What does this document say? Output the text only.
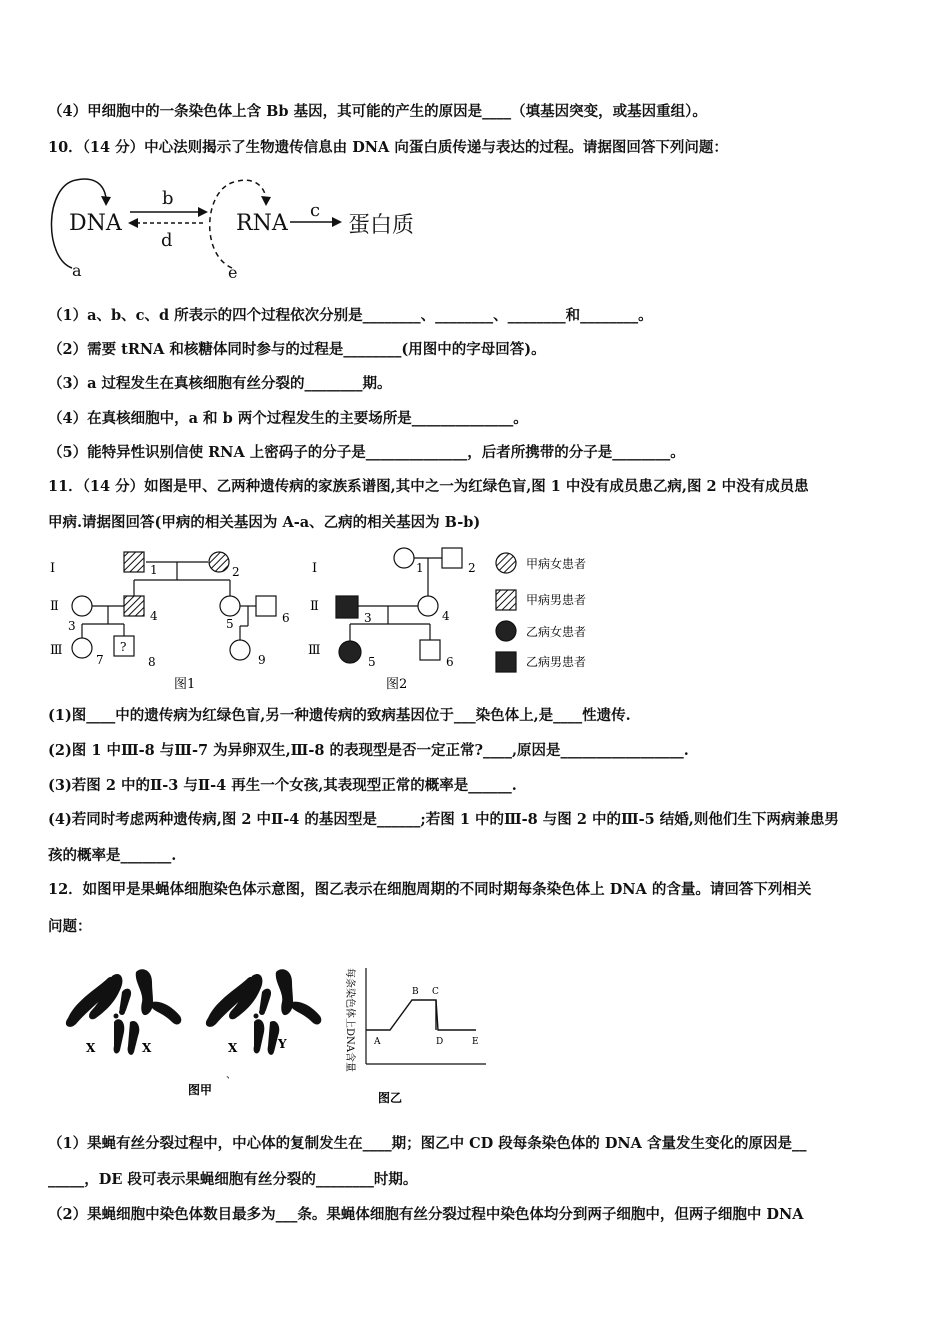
（4）甲细胞中的一条染色体上含 Bb 基因，其可能的产生的原因是____（填基因突变，或基因重组）。
10．（14 分）中心法则揭示了生物遗传信息由 DNA 向蛋白质传递与表达的过程。请据图回答下列问题：
DNA
a
b
d
RNA
e
c
蛋白质
（1）a、b、c、d 所表示的四个过程依次分别是________、________、________和________。
（2）需要 tRNA 和核糖体同时参与的过程是________(用图中的字母回答)。
（3）a 过程发生在真核细胞有丝分裂的________期。
（4）在真核细胞中，a 和 b 两个过程发生的主要场所是______________。
（5）能特异性识别信使 RNA 上密码子的分子是______________，后者所携带的分子是________。
11．（14 分）如图是甲、乙两种遗传病的家族系谱图,其中之一为红绿色盲,图 1 中没有成员患乙病,图 2 中没有成员患
甲病.请据图回答(甲病的相关基因为 A-a、乙病的相关基因为 B-b)
Ⅰ
Ⅱ
Ⅲ	?
1	2
3
4
5	6
7	8	9
图1
Ⅰ
Ⅱ
Ⅲ
1	2
3	4
5	6
图2
甲病女患者
甲病男患者
乙病女患者
乙病男患者
(1)图____中的遗传病为红绿色盲,另一种遗传病的致病基因位于___染色体上,是____性遗传.
(2)图 1 中Ⅲ-8 与Ⅲ-7 为异卵双生,Ⅲ-8 的表现型是否一定正常?____,原因是_________________.
(3)若图 2 中的Ⅱ-3 与Ⅱ-4 再生一个女孩,其表现型正常的概率是______.
(4)若同时考虑两种遗传病,图 2 中Ⅱ-4 的基因型是______;若图 1 中的Ⅲ-8 与图 2 中的Ⅲ-5 结婚,则他们生下两病兼患男
孩的概率是_______.
12．如图甲是果蝇体细胞染色体示意图，图乙表示在细胞周期的不同时期每条染色体上 DNA 的含量。请回答下列相关
问题：
X	X	X	Y
、
图甲
每条染色体上DNA含量 A
B C
D	E
图乙
（1）果蝇有丝分裂过程中，中心体的复制发生在____期；图乙中 CD 段每条染色体的 DNA 含量发生变化的原因是__
_____，DE 段可表示果蝇细胞有丝分裂的________时期。
（2）果蝇细胞中染色体数目最多为___条。果蝇体细胞有丝分裂过程中染色体均分到两子细胞中，但两子细胞中 DNA
